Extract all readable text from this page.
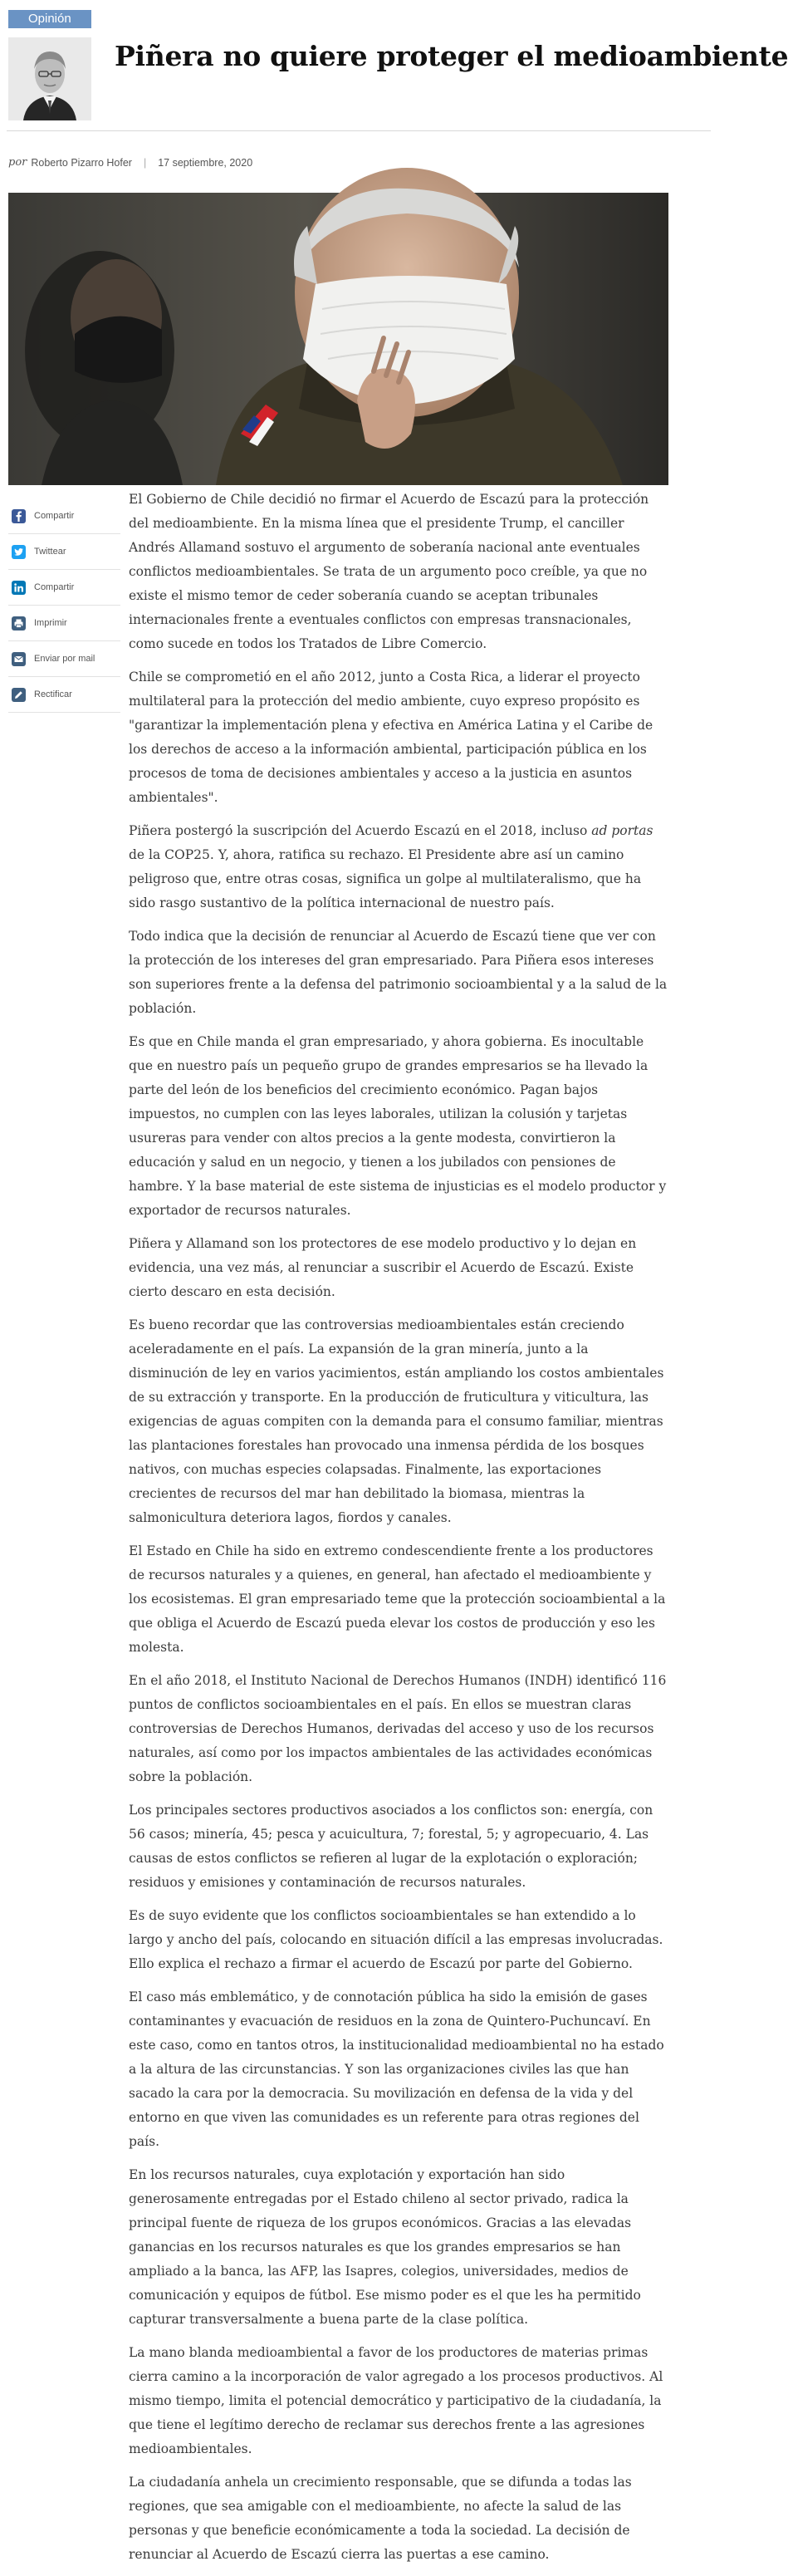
Opinión
Piñera no quiere proteger el medioambiente
por Roberto Pizarro Hofer | 17 septiembre, 2020
Compartir
Twittear
Compartir
Imprimir
Enviar por mail
Rectificar

El Gobierno de Chile decidió no firmar el Acuerdo de Escazú para la protección del medioambiente. En la misma línea que el presidente Trump, el canciller Andrés Allamand sostuvo el argumento de soberanía nacional ante eventuales conflictos medioambientales. Se trata de un argumento poco creíble, ya que no existe el mismo temor de ceder soberanía cuando se aceptan tribunales internacionales frente a eventuales conflictos con empresas transnacionales, como sucede en todos los Tratados de Libre Comercio.

Chile se comprometió en el año 2012, junto a Costa Rica, a liderar el proyecto multilateral para la protección del medio ambiente, cuyo expreso propósito es "garantizar la implementación plena y efectiva en América Latina y el Caribe de los derechos de acceso a la información ambiental, participación pública en los procesos de toma de decisiones ambientales y acceso a la justicia en asuntos ambientales".

Piñera postergó la suscripción del Acuerdo Escazú en el 2018, incluso ad portas de la COP25. Y, ahora, ratifica su rechazo. El Presidente abre así un camino peligroso que, entre otras cosas, significa un golpe al multilateralismo, que ha sido rasgo sustantivo de la política internacional de nuestro país.

Todo indica que la decisión de renunciar al Acuerdo de Escazú tiene que ver con la protección de los intereses del gran empresariado. Para Piñera esos intereses son superiores frente a la defensa del patrimonio socioambiental y a la salud de la población.

Es que en Chile manda el gran empresariado, y ahora gobierna. Es inocultable que en nuestro país un pequeño grupo de grandes empresarios se ha llevado la parte del león de los beneficios del crecimiento económico. Pagan bajos impuestos, no cumplen con las leyes laborales, utilizan la colusión y tarjetas usureras para vender con altos precios a la gente modesta, convirtieron la educación y salud en un negocio, y tienen a los jubilados con pensiones de hambre. Y la base material de este sistema de injusticias es el modelo productor y exportador de recursos naturales.

Piñera y Allamand son los protectores de ese modelo productivo y lo dejan en evidencia, una vez más, al renunciar a suscribir el Acuerdo de Escazú. Existe cierto descaro en esta decisión.

Es bueno recordar que las controversias medioambientales están creciendo aceleradamente en el país. La expansión de la gran minería, junto a la disminución de ley en varios yacimientos, están ampliando los costos ambientales de su extracción y transporte. En la producción de fruticultura y viticultura, las exigencias de aguas compiten con la demanda para el consumo familiar, mientras las plantaciones forestales han provocado una inmensa pérdida de los bosques nativos, con muchas especies colapsadas. Finalmente, las exportaciones crecientes de recursos del mar han debilitado la biomasa, mientras la salmonicultura deteriora lagos, fiordos y canales.

El Estado en Chile ha sido en extremo condescendiente frente a los productores de recursos naturales y a quienes, en general, han afectado el medioambiente y los ecosistemas. El gran empresariado teme que la protección socioambiental a la que obliga el Acuerdo de Escazú pueda elevar los costos de producción y eso les molesta.

En el año 2018, el Instituto Nacional de Derechos Humanos (INDH) identificó 116 puntos de conflictos socioambientales en el país. En ellos se muestran claras controversias de Derechos Humanos, derivadas del acceso y uso de los recursos naturales, así como por los impactos ambientales de las actividades económicas sobre la población.

Los principales sectores productivos asociados a los conflictos son: energía, con 56 casos; minería, 45; pesca y acuicultura, 7; forestal, 5; y agropecuario, 4. Las causas de estos conflictos se refieren al lugar de la explotación o exploración; residuos y emisiones y contaminación de recursos naturales.

Es de suyo evidente que los conflictos socioambientales se han extendido a lo largo y ancho del país, colocando en situación difícil a las empresas involucradas. Ello explica el rechazo a firmar el acuerdo de Escazú por parte del Gobierno.

El caso más emblemático, y de connotación pública ha sido la emisión de gases contaminantes y evacuación de residuos en la zona de Quintero-Puchuncaví. En este caso, como en tantos otros, la institucionalidad medioambiental no ha estado a la altura de las circunstancias. Y son las organizaciones civiles las que han sacado la cara por la democracia. Su movilización en defensa de la vida y del entorno en que viven las comunidades es un referente para otras regiones del país.

En los recursos naturales, cuya explotación y exportación han sido generosamente entregadas por el Estado chileno al sector privado, radica la principal fuente de riqueza de los grupos económicos. Gracias a las elevadas ganancias en los recursos naturales es que los grandes empresarios se han ampliado a la banca, las AFP, las Isapres, colegios, universidades, medios de comunicación y equipos de fútbol. Ese mismo poder es el que les ha permitido capturar transversalmente a buena parte de la clase política.

La mano blanda medioambiental a favor de los productores de materias primas cierra camino a la incorporación de valor agregado a los procesos productivos. Al mismo tiempo, limita el potencial democrático y participativo de la ciudadanía, la que tiene el legítimo derecho de reclamar sus derechos frente a las agresiones medioambientales.

La ciudadanía anhela un crecimiento responsable, que se difunda a todas las regiones, que sea amigable con el medioambiente, no afecte la salud de las personas y que beneficie económicamente a toda la sociedad. La decisión de renunciar al Acuerdo de Escazú cierra las puertas a ese camino.
